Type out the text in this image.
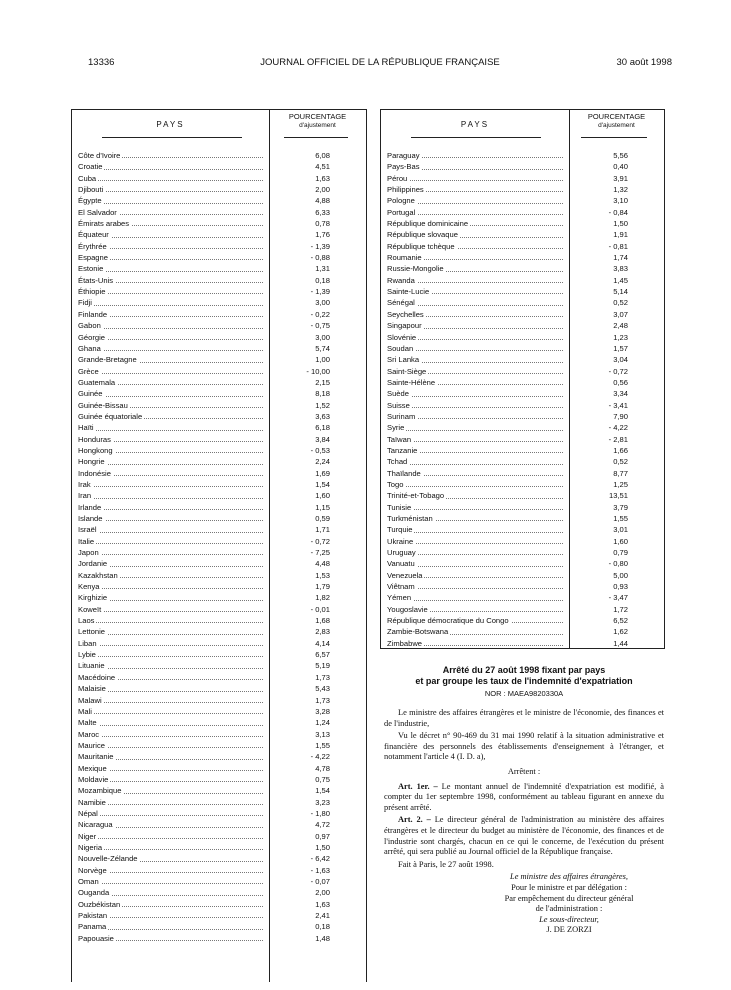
13336	JOURNAL OFFICIEL DE LA RÉPUBLIQUE FRANÇAISE	30 août 1998
PAYS
POURCENTAGE
d'ajustement
Côte d'Ivoire	6,08
Croatie	4,51
Cuba	1,63
Djibouti	2,00
Égypte	4,88
El Salvador	6,33
Émirats arabes	0,78
Équateur	1,76
Érythrée	- 1,39
Espagne	- 0,88
Estonie	1,31
États-Unis	0,18
Éthiopie	- 1,39
Fidji	3,00
Finlande	- 0,22
Gabon	- 0,75
Géorgie	3,00
Ghana	5,74
Grande-Bretagne	1,00
Grèce	- 10,00
Guatemala	2,15
Guinée	8,18
Guinée-Bissau	1,52
Guinée équatoriale	3,63
Haïti	6,18
Honduras	3,84
Hongkong	- 0,53
Hongrie	2,24
Indonésie	1,69
Irak	1,54
Iran	1,60
Irlande	1,15
Islande	0,59
Israël	1,71
Italie	- 0,72
Japon	- 7,25
Jordanie	4,48
Kazakhstan	1,53
Kenya	1,79
Kirghizie	1,82
Koweït	- 0,01
Laos	1,68
Lettonie	2,83
Liban	4,14
Lybie	6,57
Lituanie	5,19
Macédoine	1,73
Malaisie	5,43
Malawi	1,73
Mali	3,28
Malte	1,24
Maroc	3,13
Maurice	1,55
Mauritanie	- 4,22
Mexique	4,78
Moldavie	0,75
Mozambique	1,54
Namibie	3,23
Népal	- 1,80
Nicaragua	4,72
Niger	0,97
Nigeria	1,50
Nouvelle-Zélande	- 6,42
Norvège	- 1,63
Oman	- 0,07
Ouganda	2,00
Ouzbékistan	1,63
Pakistan	2,41
Panama	0,18
Papouasie	1,48
PAYS
POURCENTAGE
d'ajustement
Paraguay	5,56
Pays-Bas	0,40
Pérou	3,91
Philippines	1,32
Pologne	3,10
Portugal	- 0,84
République dominicaine	1,50
République slovaque	1,91
République tchèque	- 0,81
Roumanie	1,74
Russie-Mongolie	3,83
Rwanda	1,45
Sainte-Lucie	5,14
Sénégal	0,52
Seychelles	3,07
Singapour	2,48
Slovénie	1,23
Soudan	1,57
Sri Lanka	3,04
Saint-Siège	- 0,72
Sainte-Hélène	0,56
Suède	3,34
Suisse	- 3,41
Surinam	7,90
Syrie	- 4,22
Taïwan	- 2,81
Tanzanie	1,66
Tchad	0,52
Thaïlande	8,77
Togo	1,25
Trinité-et-Tobago	13,51
Tunisie	3,79
Turkménistan	1,55
Turquie	3,01
Ukraine	1,60
Uruguay	0,79
Vanuatu	- 0,80
Venezuela	5,00
Viêtnam	0,93
Yémen	- 3,47
Yougoslavie	1,72
République démocratique du Congo	6,52
Zambie-Botswana	1,62
Zimbabwe	1,44
Arrêté du 27 août 1998 fixant par pays
et par groupe les taux de l'indemnité d'expatriation
NOR : MAEA9820330A

Le ministre des affaires étrangères et le ministre de l'économie, des finances et de l'industrie,

Vu le décret n° 90-469 du 31 mai 1990 relatif à la situation administrative et financière des personnels des établissements d'enseignement à l'étranger, et notamment l'article 4 (I. D. a),

Arrêtent :

Art. 1er. – Le montant annuel de l'indemnité d'expatriation est modifié, à compter du 1er septembre 1998, conformément au tableau figurant en annexe du présent arrêté.

Art. 2. – Le directeur général de l'administration au ministère des affaires étrangères et le directeur du budget au ministère de l'économie, des finances et de l'industrie sont chargés, chacun en ce qui le concerne, de l'exécution du présent arrêté, qui sera publié au Journal officiel de la République française.

Fait à Paris, le 27 août 1998.

Le ministre des affaires étrangères,

Pour le ministre et par délégation :

Par empêchement du directeur général

de l'administration :

Le sous-directeur,

J. DE ZORZI
